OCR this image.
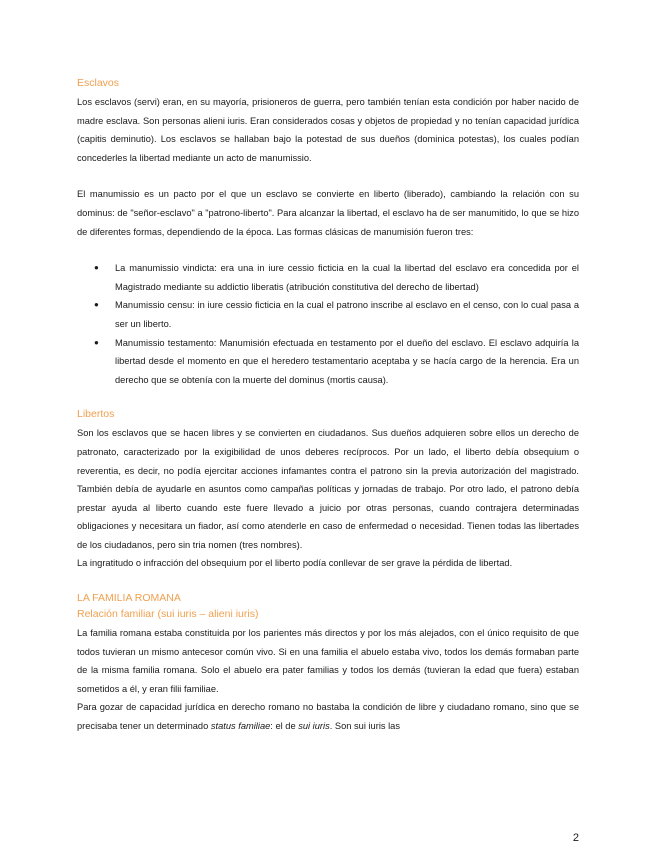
Esclavos

Los esclavos (servi) eran, en su mayoría, prisioneros de guerra, pero también tenían esta condición por haber nacido de madre esclava. Son personas alieni iuris. Eran considerados cosas y objetos de propiedad y no tenían capacidad jurídica (capitis deminutio). Los esclavos se hallaban bajo la potestad de sus dueños (dominica potestas), los cuales podían concederles la libertad mediante un acto de manumissio.

El manumissio es un pacto por el que un esclavo se convierte en liberto (liberado), cambiando la relación con su dominus: de "señor-esclavo" a "patrono-liberto". Para alcanzar la libertad, el esclavo ha de ser manumitido, lo que se hizo de diferentes formas, dependiendo de la época. Las formas clásicas de manumisión fueron tres:

● La manumissio vindicta: era una in iure cessio ficticia en la cual la libertad del esclavo era concedida por el Magistrado mediante su addictio liberatis (atribución constitutiva del derecho de libertad)
● Manumissio censu: in iure cessio ficticia en la cual el patrono inscribe al esclavo en el censo, con lo cual pasa a ser un liberto.
● Manumissio testamento: Manumisión efectuada en testamento por el dueño del esclavo. El esclavo adquiría la libertad desde el momento en que el heredero testamentario aceptaba y se hacía cargo de la herencia. Era un derecho que se obtenía con la muerte del dominus (mortis causa).
Libertos

Son los esclavos que se hacen libres y se convierten en ciudadanos. Sus dueños adquieren sobre ellos un derecho de patronato, caracterizado por la exigibilidad de unos deberes recíprocos. Por un lado, el liberto debía obsequium o reverentia, es decir, no podía ejercitar acciones infamantes contra el patrono sin la previa autorización del magistrado. También debía de ayudarle en asuntos como campañas políticas y jornadas de trabajo. Por otro lado, el patrono debía prestar ayuda al liberto cuando este fuere llevado a juicio por otras personas, cuando contrajera determinadas obligaciones y necesitara un fiador, así como atenderle en caso de enfermedad o necesidad. Tienen todas las libertades de los ciudadanos, pero sin tria nomen (tres nombres).

La ingratitudo o infracción del obsequium por el liberto podía conllevar de ser grave la pérdida de libertad.

LA FAMILIA ROMANA
Relación familiar (sui iuris – alieni iuris)

La familia romana estaba constituida por los parientes más directos y por los más alejados, con el único requisito de que todos tuvieran un mismo antecesor común vivo. Si en una familia el abuelo estaba vivo, todos los demás formaban parte de la misma familia romana. Solo el abuelo era pater familias y todos los demás (tuvieran la edad que fuera) estaban sometidos a él, y eran filii familiae.

Para gozar de capacidad jurídica en derecho romano no bastaba la condición de libre y ciudadano romano, sino que se precisaba tener un determinado status familiae: el de sui iuris. Son sui iuris las

2
